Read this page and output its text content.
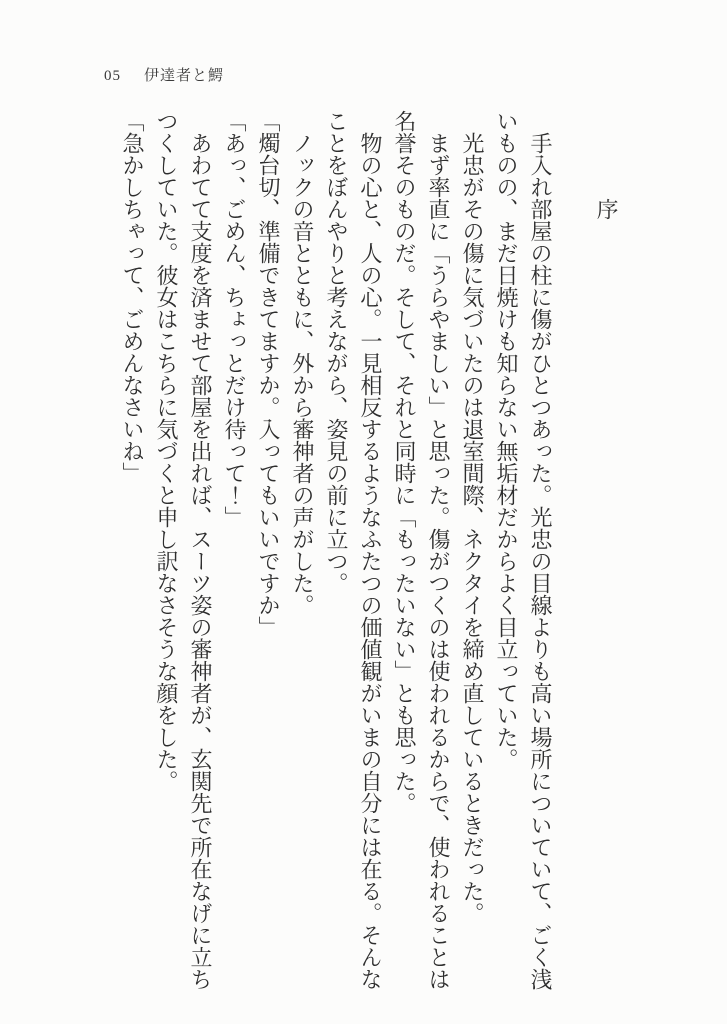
05 伊達者と鰐

序

手入れ部屋の柱に傷がひとつあった。光忠の目線よりも高い場所についていて、ごく浅いものの、まだ日焼けも知らない無垢材だからよく目立っていた。

光忠がその傷に気づいたのは退室間際、ネクタイを締め直しているときだった。

まず率直に「うらやましい」と思った。傷がつくのは使われるからで、使われることは名誉そのものだ。そして、それと同時に「もったいない」とも思った。

物の心と、人の心。一見相反するようなふたつの価値観がいまの自分には在る。そんなことをぼんやりと考えながら、姿見の前に立つ。

ノックの音とともに、外から審神者の声がした。

「燭台切、準備できてますか。入ってもいいですか」

「あっ、ごめん、ちょっとだけ待って！」

あわてて支度を済ませて部屋を出れば、スーツ姿の審神者が、玄関先で所在なげに立ちつくしていた。彼女はこちらに気づくと申し訳なさそうな顔をした。

「急かしちゃって、ごめんなさいね」
